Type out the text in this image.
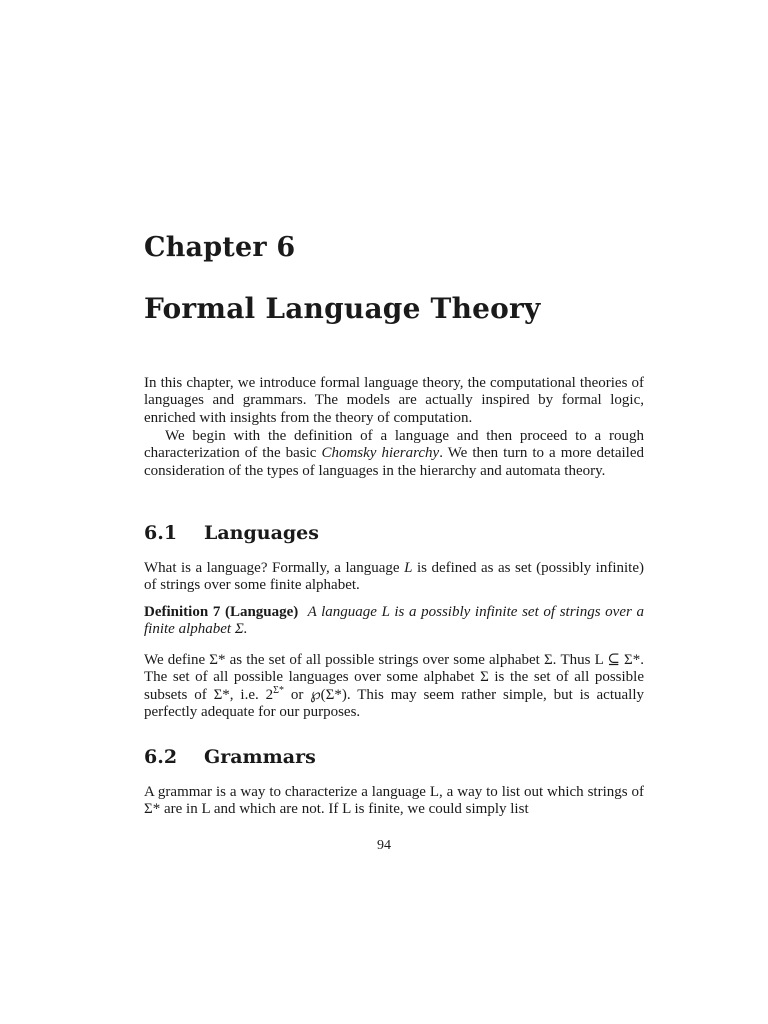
Chapter 6
Formal Language Theory
In this chapter, we introduce formal language theory, the computational theories of languages and grammars. The models are actually inspired by formal logic, enriched with insights from the theory of computation.
We begin with the definition of a language and then proceed to a rough characterization of the basic Chomsky hierarchy. We then turn to a more detailed consideration of the types of languages in the hierarchy and automata theory.
6.1 Languages
What is a language? Formally, a language L is defined as as set (possibly infinite) of strings over some finite alphabet.
Definition 7 (Language) A language L is a possibly infinite set of strings over a finite alphabet Σ.
We define Σ* as the set of all possible strings over some alphabet Σ. Thus L ⊆ Σ*. The set of all possible languages over some alphabet Σ is the set of all possible subsets of Σ*, i.e. $2^{\Sigma*}$ or ℘(Σ*). This may seem rather simple, but is actually perfectly adequate for our purposes.
6.2 Grammars
A grammar is a way to characterize a language L, a way to list out which strings of Σ* are in L and which are not. If L is finite, we could simply list
94
